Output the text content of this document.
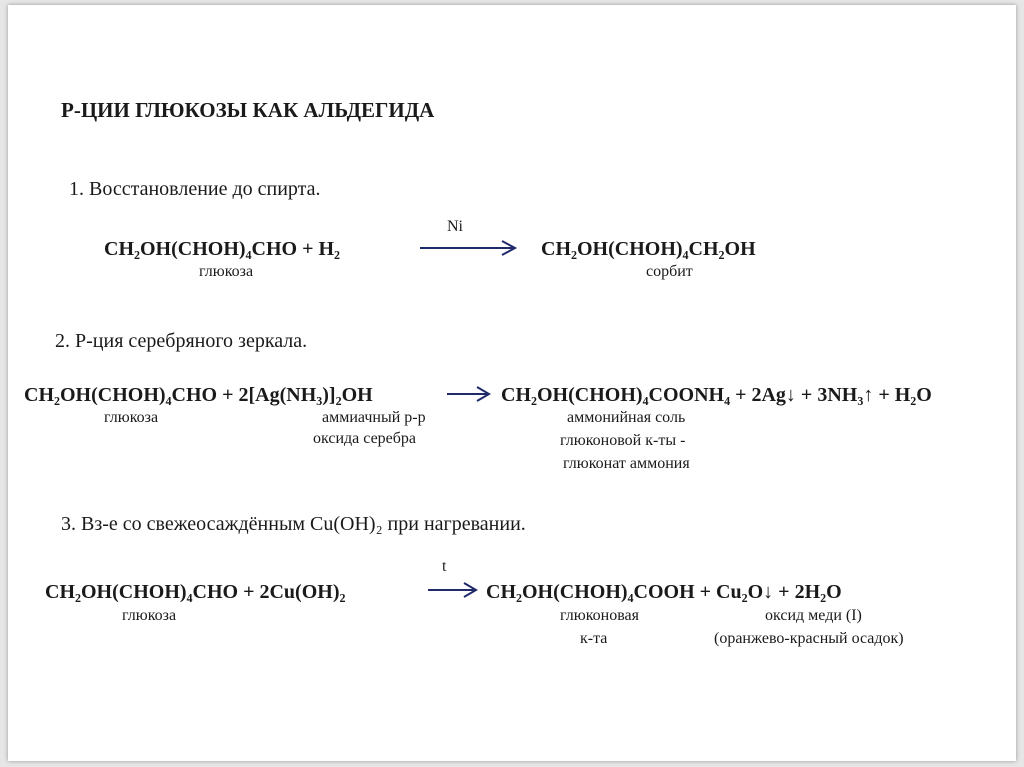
Р-ЦИИ ГЛЮКОЗЫ КАК АЛЬДЕГИДА
1. Восстановление до спирта.
CH₂OH(CHOH)₄CHO + H₂
Ni
CH₂OH(CHOH)₄CH₂OH
глюкоза	сорбит
2. Р-ция серебряного зеркала.
CH₂OH(CHOH)₄CHO + 2[Ag(NH₃)]₂OH	CH₂OH(CHOH)₄COONH₄ + 2Ag↓ + 3NH₃↑ + H₂O
глюкоза	аммиачный р-р
оксида серебра
аммонийная соль
глюконовой к-ты -
глюконат аммония
3. Вз-е со свежеосаждённым Cu(OH)₂ при нагревании.
t
CH₂OH(CHOH)₄CHO + 2Cu(OH)₂	CH₂OH(CHOH)₄COOH + Cu₂O↓ + 2H₂O
глюкоза	глюконовая
к-та
оксид меди (I)
(оранжево-красный осадок)
